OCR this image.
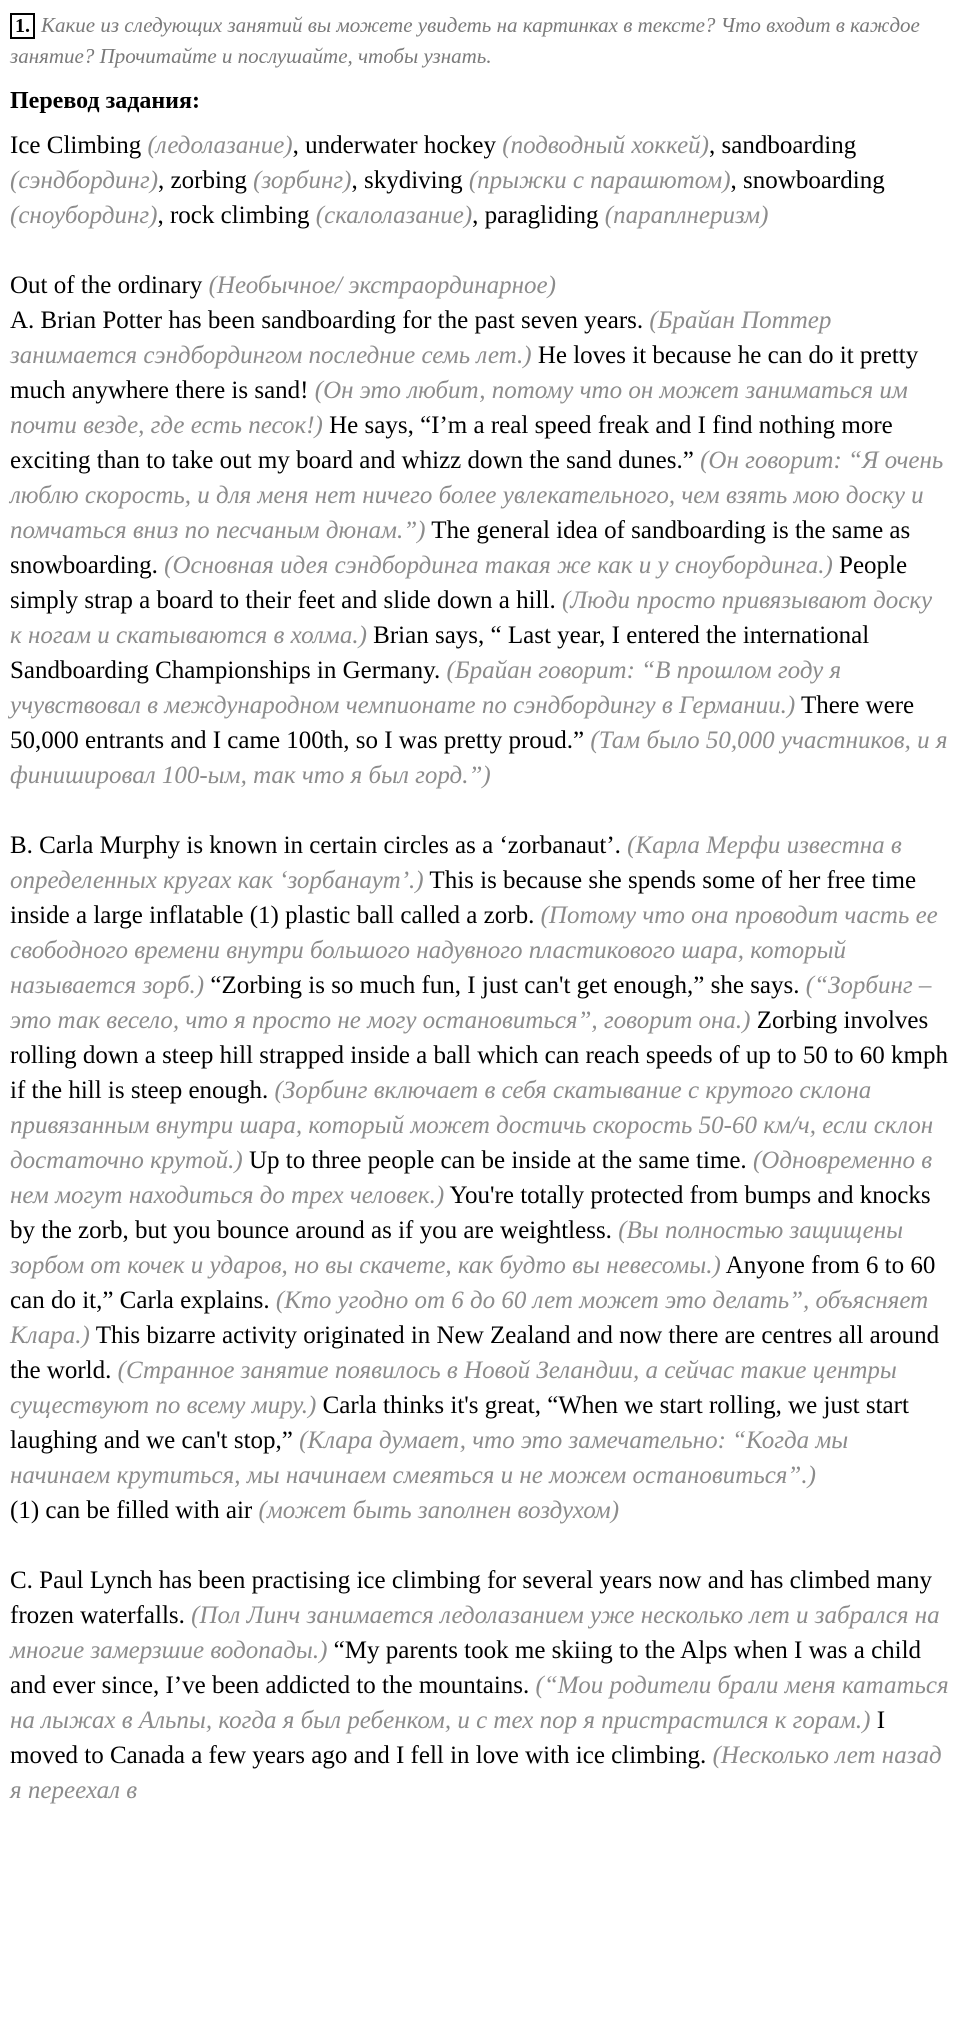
1. Какие из следующих занятий вы можете увидеть на картинках в тексте? Что входит в каждое занятие? Прочитайте и послушайте, чтобы узнать.
Перевод задания:
Ice Climbing (ледолазание), underwater hockey (подводный хоккей), sandboarding (сэндбординг), zorbing (зорбинг), skydiving (прыжки с парашютом), snowboarding (сноубординг), rock climbing (скалолазание), paragliding (параплнеризм)
Out of the ordinary (Необычное/ экстраординарное)
A. Brian Potter has been sandboarding for the past seven years. (Брайан Поттер занимается сэндбордингом последние семь лет.) He loves it because he can do it pretty much anywhere there is sand! (Он это любит, потому что он может заниматься им почти везде, где есть песок!) He says, “I’m a real speed freak and I find nothing more exciting than to take out my board and whizz down the sand dunes.” (Он говорит: “Я очень люблю скорость, и для меня нет ничего более увлекательного, чем взять мою доску и помчаться вниз по песчаным дюнам.”) The general idea of sandboarding is the same as snowboarding. (Основная идея сэндбординга такая же как и у сноубординга.) People simply strap a board to their feet and slide down a hill. (Люди просто привязывают доску к ногам и скатываются в холма.) Brian says, “ Last year, I entered the international Sandboarding Championships in Germany. (Брайан говорит: “В прошлом году я учувствовал в международном чемпионате по сэндбордингу в Германии.) There were 50,000 entrants and I came 100th, so I was pretty proud.” (Там было 50,000 участников, и я финишировал 100-ым, так что я был горд.”)
B. Carla Murphy is known in certain circles as a ‘zorbanaut’. (Карла Мерфи известна в определенных кругах как ‘зорбанаут’.) This is because she spends some of her free time inside a large inflatable (1) plastic ball called a zorb. (Потому что она проводит часть ее свободного времени внутри большого надувного пластикового шара, который называется зорб.) “Zorbing is so much fun, I just can't get enough,” she says. (“Зорбинг – это так весело, что я просто не могу остановиться”, говорит она.) Zorbing involves rolling down a steep hill strapped inside a ball which can reach speeds of up to 50 to 60 kmph if the hill is steep enough. (Зорбинг включает в себя скатывание с крутого склона привязанным внутри шара, который может достичь скорость 50-60 км/ч, если склон достаточно крутой.) Up to three people can be inside at the same time. (Одновременно в нем могут находиться до трех человек.) You're totally protected from bumps and knocks by the zorb, but you bounce around as if you are weightless. (Вы полностью защищены зорбом от кочек и ударов, но вы скачете, как будто вы невесомы.) Anyone from 6 to 60 can do it,” Carla explains. (Кто угодно от 6 до 60 лет может это делать”, объясняет Клара.) This bizarre activity originated in New Zealand and now there are centres all around the world. (Странное занятие появилось в Новой Зеландии, а сейчас такие центры существуют по всему миру.) Carla thinks it's great, “When we start rolling, we just start laughing and we can't stop,” (Клара думает, что это замечательно: “Когда мы начинаем крутиться, мы начинаем смеяться и не можем остановиться”.)
(1) can be filled with air (может быть заполнен воздухом)
C. Paul Lynch has been practising ice climbing for several years now and has climbed many frozen waterfalls. (Пол Линч занимается ледолазанием уже несколько лет и забрался на многие замерзшие водопады.) “My parents took me skiing to the Alps when I was a child and ever since, I’ve been addicted to the mountains. (“Мои родители брали меня кататься на лыжах в Альпы, когда я был ребенком, и с тех пор я пристрастился к горам.) I moved to Canada a few years ago and I fell in love with ice climbing. (Несколько лет назад я переехал в
